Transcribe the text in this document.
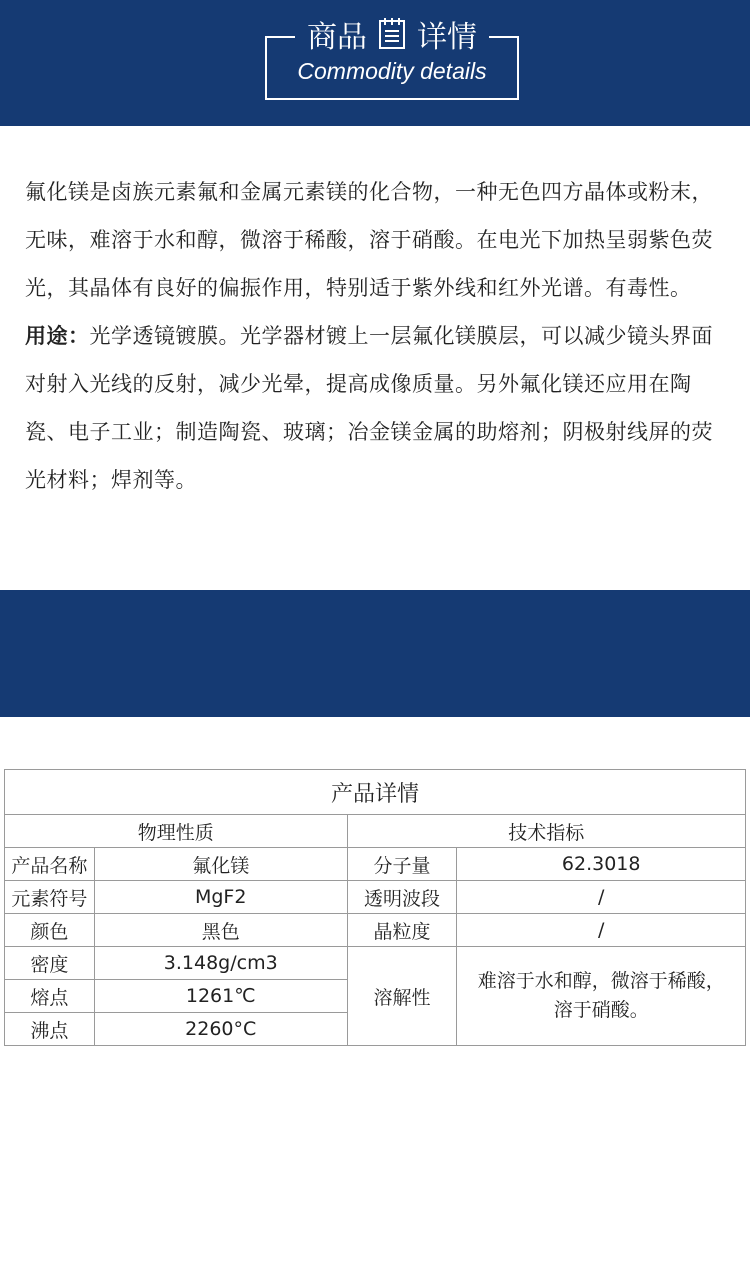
商品 详情
Commodity details

氟化镁是卤族元素氟和金属元素镁的化合物，一种无色四方晶体或粉末，无味，难溶于水和醇，微溶于稀酸，溶于硝酸。在电光下加热呈弱紫色荧光，其晶体有良好的偏振作用，特别适于紫外线和红外光谱。有毒性。

用途：光学透镜镀膜。光学器材镀上一层氟化镁膜层，可以减少镜头界面对射入光线的反射，减少光晕，提高成像质量。另外氟化镁还应用在陶瓷、电子工业；制造陶瓷、玻璃；冶金镁金属的助熔剂；阴极射线屏的荧光材料；焊剂等。

产品 详情
Chemical composition
产品详情			
物理性质		技术指标	
产品名称	氟化镁	分子量	62.3018
元素符号	MgF2	透明波段	/
颜色	黑色	晶粒度	/
密度	3.148g/cm3	溶解性	难溶于水和醇，微溶于稀酸，溶于硝酸。
熔点	1261℃		
沸点	2260°C		
